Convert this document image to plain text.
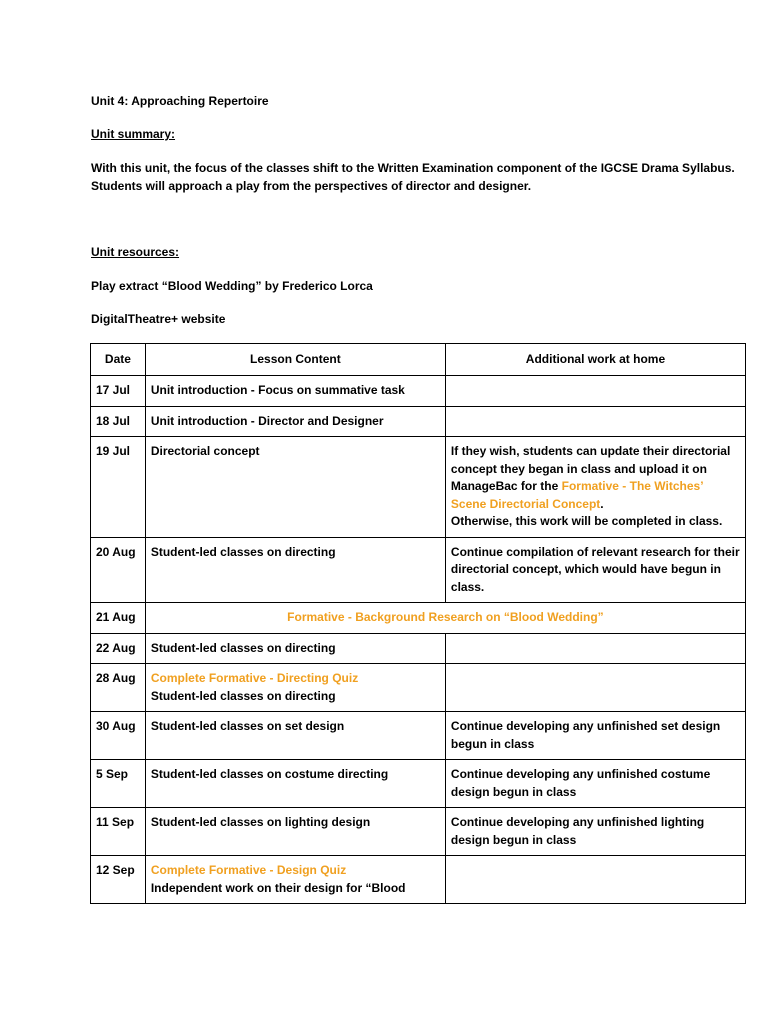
Unit 4: Approaching Repertoire
Unit summary:
With this unit, the focus of the classes shift to the Written Examination component of the IGCSE Drama Syllabus. Students will approach a play from the perspectives of director and designer.
Unit resources:
Play extract “Blood Wedding” by Frederico Lorca
DigitalTheatre+ website
Date	Lesson Content	Additional work at home
17 Jul	Unit introduction - Focus on summative task	
18 Jul	Unit introduction - Director and Designer	
19 Jul	Directorial concept	If they wish, students can update their directorial concept they began in class and upload it on ManageBac for the Formative - The Witches’ Scene Directorial Concept.
Otherwise, this work will be completed in class.
20 Aug	Student-led classes on directing	Continue compilation of relevant research for their directorial concept, which would have begun in class.
21 Aug	Formative - Background Research on “Blood Wedding”	
22 Aug	Student-led classes on directing	
28 Aug	Complete Formative - Directing Quiz
Student-led classes on directing	
30 Aug	Student-led classes on set design	Continue developing any unfinished set design begun in class
5 Sep	Student-led classes on costume directing	Continue developing any unfinished costume design begun in class
11 Sep	Student-led classes on lighting design	Continue developing any unfinished lighting design begun in class
12 Sep	Complete Formative - Design Quiz
Independent work on their design for “Blood	
